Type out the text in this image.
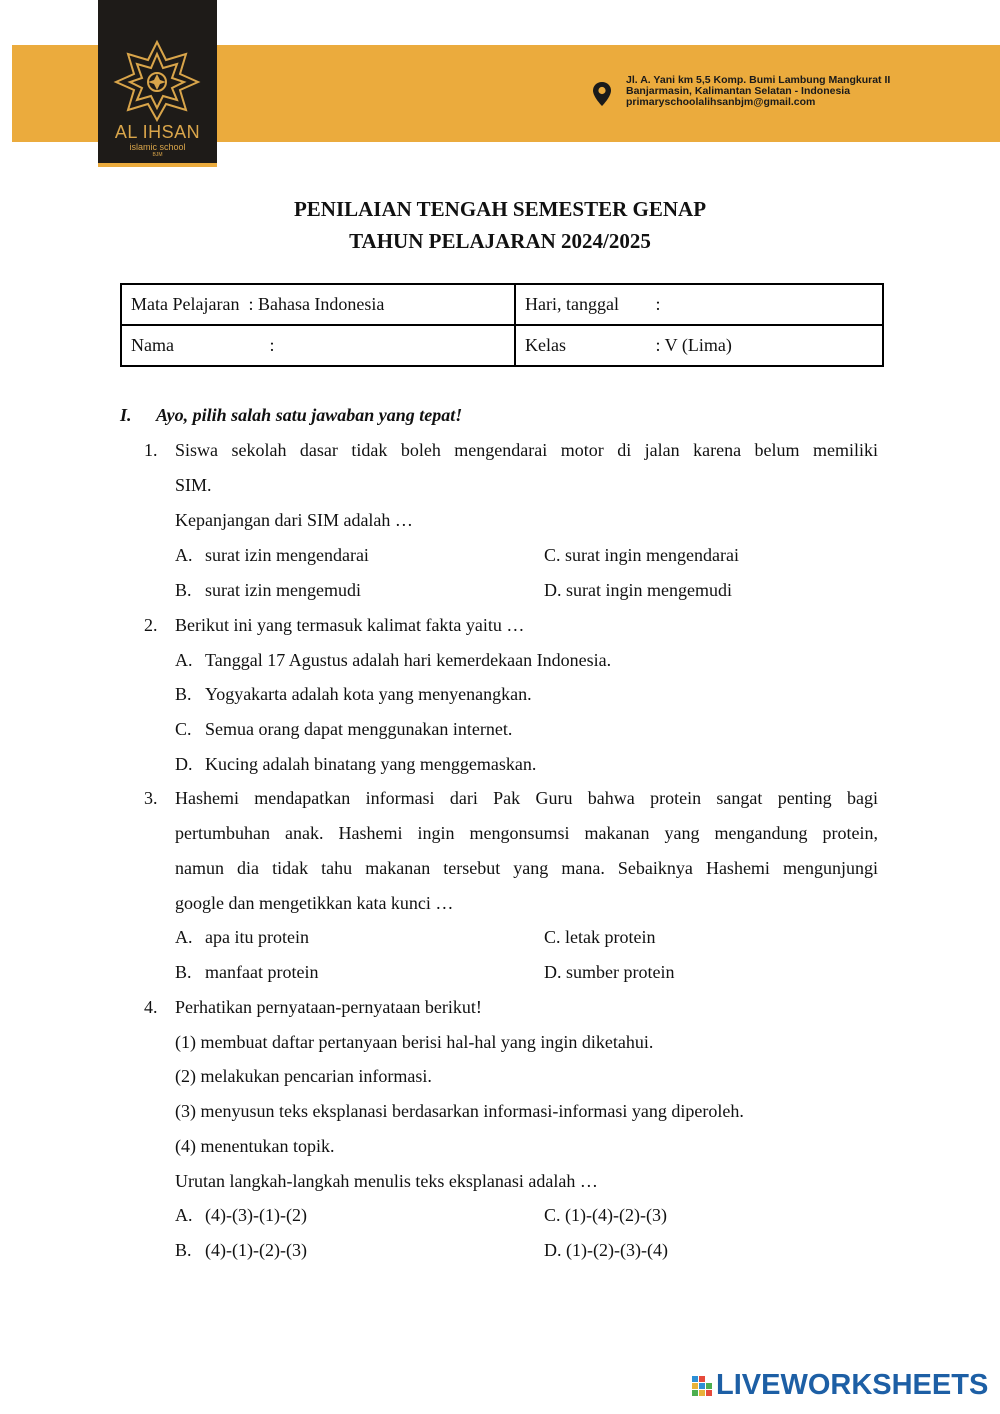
AL IHSAN
islamic school
BJM
Jl. A. Yani km 5,5 Komp. Bumi Lambung Mangkurat II
Banjarmasin, Kalimantan Selatan - Indonesia
primaryschoolalihsanbjm@gmail.com
PENILAIAN TENGAH SEMESTER GENAP
TAHUN PELAJARAN 2024/2025
Mata Pelajaran : Bahasa Indonesia	Hari, tanggal :
Nama :	Kelas : V (Lima)
I. Ayo, pilih salah satu jawaban yang tepat!
1. Siswa sekolah dasar tidak boleh mengendarai motor di jalan karena belum memiliki
SIM.
Kepanjangan dari SIM adalah …
A. surat izin mengendarai
B. surat izin mengemudi
C. surat ingin mengendarai
D. surat ingin mengemudi
2. Berikut ini yang termasuk kalimat fakta yaitu …
A. Tanggal 17 Agustus adalah hari kemerdekaan Indonesia.
B. Yogyakarta adalah kota yang menyenangkan.
C. Semua orang dapat menggunakan internet.
D. Kucing adalah binatang yang menggemaskan.
3. Hashemi mendapatkan informasi dari Pak Guru bahwa protein sangat penting bagi
pertumbuhan anak. Hashemi ingin mengonsumsi makanan yang mengandung protein,
namun dia tidak tahu makanan tersebut yang mana. Sebaiknya Hashemi mengunjungi
google dan mengetikkan kata kunci …
A. apa itu protein
B. manfaat protein
C. letak protein
D. sumber protein
4. Perhatikan pernyataan-pernyataan berikut!
(1) membuat daftar pertanyaan berisi hal-hal yang ingin diketahui.
(2) melakukan pencarian informasi.
(3) menyusun teks eksplanasi berdasarkan informasi-informasi yang diperoleh.
(4) menentukan topik.
Urutan langkah-langkah menulis teks eksplanasi adalah …
A. (4)-(3)-(1)-(2)
B. (4)-(1)-(2)-(3)
C. (1)-(4)-(2)-(3)
D. (1)-(2)-(3)-(4)
LIVEWORKSHEETS
